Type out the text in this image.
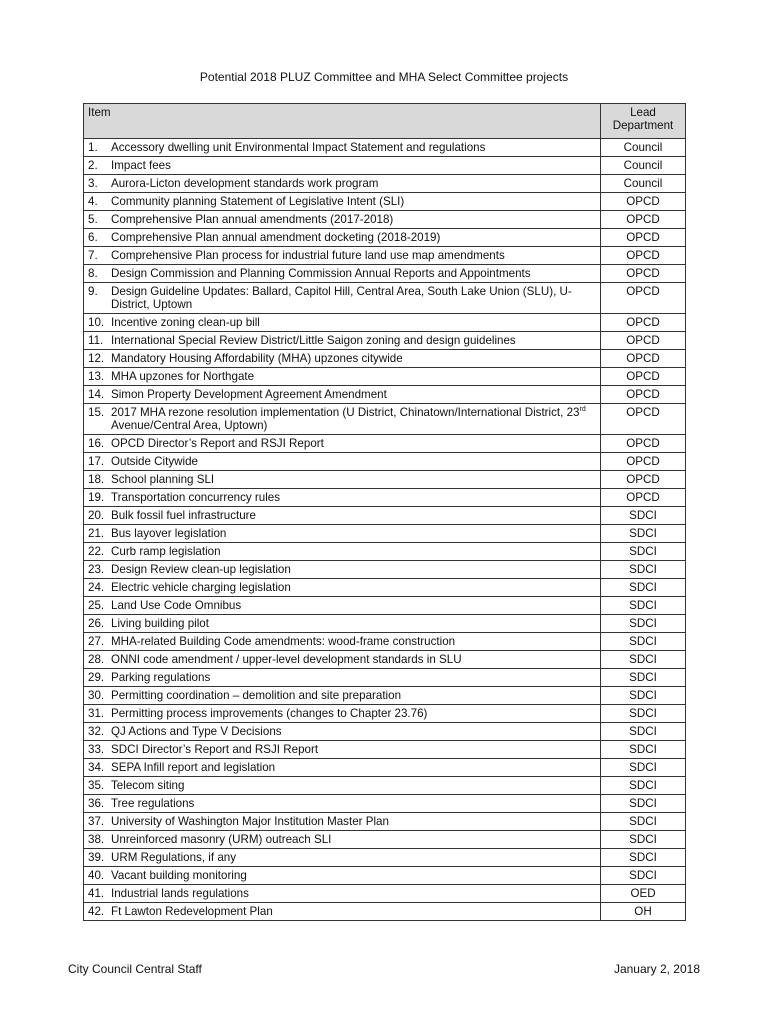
Potential 2018 PLUZ Committee and MHA Select Committee projects
Item	Lead Department

1. Accessory dwelling unit Environmental Impact Statement and regulations	Council

2. Impact fees	Council

3. Aurora-Licton development standards work program	Council

4. Community planning Statement of Legislative Intent (SLI)	OPCD

5. Comprehensive Plan annual amendments (2017-2018)	OPCD

6. Comprehensive Plan annual amendment docketing (2018-2019)	OPCD

7. Comprehensive Plan process for industrial future land use map amendments	OPCD

8. Design Commission and Planning Commission Annual Reports and Appointments	OPCD

9. Design Guideline Updates: Ballard, Capitol Hill, Central Area, South Lake Union (SLU), U-District, Uptown	OPCD

10. Incentive zoning clean-up bill	OPCD

11. International Special Review District/Little Saigon zoning and design guidelines	OPCD

12. Mandatory Housing Affordability (MHA) upzones citywide	OPCD

13. MHA upzones for Northgate	OPCD

14. Simon Property Development Agreement Amendment	OPCD

15. 2017 MHA rezone resolution implementation (U District, Chinatown/International District, 23rd Avenue/Central Area, Uptown)	OPCD

16. OPCD Director’s Report and RSJI Report	OPCD

17. Outside Citywide	OPCD

18. School planning SLI	OPCD

19. Transportation concurrency rules	OPCD

20. Bulk fossil fuel infrastructure	SDCI

21. Bus layover legislation	SDCI

22. Curb ramp legislation	SDCI

23. Design Review clean-up legislation	SDCI

24. Electric vehicle charging legislation	SDCI

25. Land Use Code Omnibus	SDCI

26. Living building pilot	SDCI

27. MHA-related Building Code amendments: wood-frame construction	SDCI

28. ONNI code amendment / upper-level development standards in SLU	SDCI

29. Parking regulations	SDCI

30. Permitting coordination – demolition and site preparation	SDCI

31. Permitting process improvements (changes to Chapter 23.76)	SDCI

32. QJ Actions and Type V Decisions	SDCI

33. SDCI Director’s Report and RSJI Report	SDCI

34. SEPA Infill report and legislation	SDCI

35. Telecom siting	SDCI

36. Tree regulations	SDCI

37. University of Washington Major Institution Master Plan	SDCI

38. Unreinforced masonry (URM) outreach SLI	SDCI

39. URM Regulations, if any	SDCI

40. Vacant building monitoring	SDCI

41. Industrial lands regulations	OED

42. Ft Lawton Redevelopment Plan	OH
City Council Central Staff	January 2, 2018
